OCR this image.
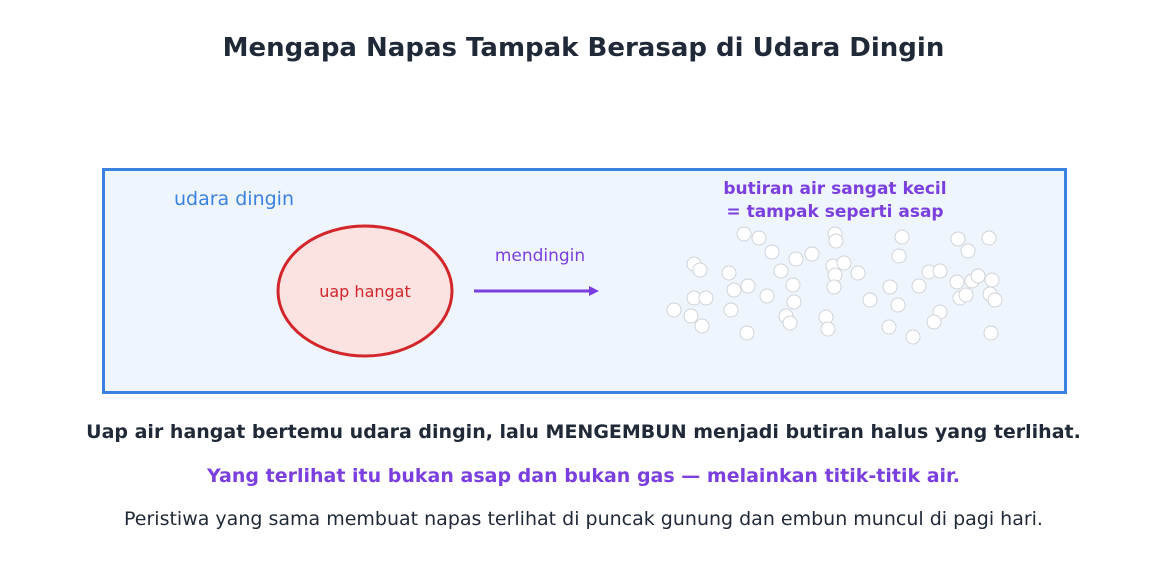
Mengapa Napas Tampak Berasap di Udara Dingin
udara dingin
uap hangat
mendingin
butiran air sangat kecil
= tampak seperti asap
Uap air hangat bertemu udara dingin, lalu MENGEMBUN menjadi butiran halus yang terlihat.
Yang terlihat itu bukan asap dan bukan gas — melainkan titik-titik air.
Peristiwa yang sama membuat napas terlihat di puncak gunung dan embun muncul di pagi hari.
